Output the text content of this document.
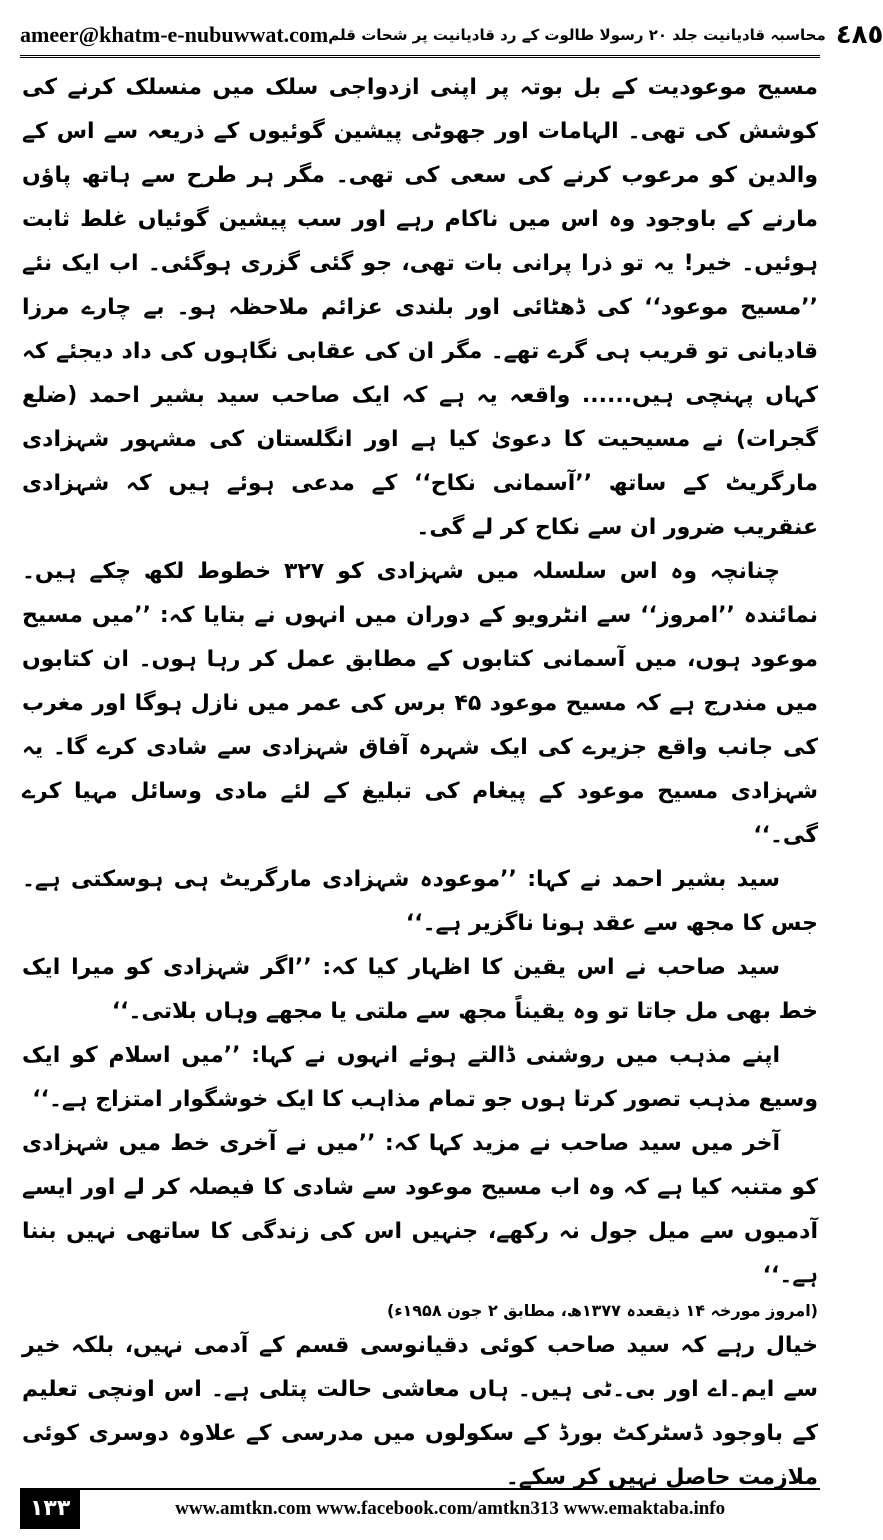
ameer@khatm-e-nubuwwat.com	٤٨٥
محاسبہ قادیانیت جلد ۲۰ رسولا طالوت کے رد قادیانیت پر شحات قلم

مسیح موعودیت کے بل بوتہ پر اپنی ازدواجی سلک میں منسلک کرنے کی کوشش کی تھی۔ الہامات اور جھوٹی پیشین گوئیوں کے ذریعہ سے اس کے والدین کو مرعوب کرنے کی سعی کی تھی۔ مگر ہر طرح سے ہاتھ پاؤں مارنے کے باوجود وہ اس میں ناکام رہے اور سب پیشین گوئیاں غلط ثابت ہوئیں۔ خیر! یہ تو ذرا پرانی بات تھی، جو گئی گزری ہوگئی۔ اب ایک نئے ’’مسیح موعود‘‘ کی ڈھٹائی اور بلندی عزائم ملاحظہ ہو۔ بے چارے مرزا قادیانی تو قریب ہی گرے تھے۔ مگر ان کی عقابی نگاہوں کی داد دیجئے کہ کہاں پہنچی ہیں...... واقعہ یہ ہے کہ ایک صاحب سید بشیر احمد (ضلع گجرات) نے مسیحیت کا دعویٰ کیا ہے اور انگلستان کی مشہور شہزادی مارگریٹ کے ساتھ ’’آسمانی نکاح‘‘ کے مدعی ہوئے ہیں کہ شہزادی عنقریب ضرور ان سے نکاح کر لے گی۔

چنانچہ وہ اس سلسلہ میں شہزادی کو ۳۲۷ خطوط لکھ چکے ہیں۔ نمائندہ ’’امروز‘‘ سے انٹرویو کے دوران میں انہوں نے بتایا کہ: ’’میں مسیح موعود ہوں، میں آسمانی کتابوں کے مطابق عمل کر رہا ہوں۔ ان کتابوں میں مندرج ہے کہ مسیح موعود ۴۵ برس کی عمر میں نازل ہوگا اور مغرب کی جانب واقع جزیرے کی ایک شہرہ آفاق شہزادی سے شادی کرے گا۔ یہ شہزادی مسیح موعود کے پیغام کی تبلیغ کے لئے مادی وسائل مہیا کرے گی۔‘‘

سید بشیر احمد نے کہا: ’’موعودہ شہزادی مارگریٹ ہی ہوسکتی ہے۔ جس کا مجھ سے عقد ہونا ناگزیر ہے۔‘‘

سید صاحب نے اس یقین کا اظہار کیا کہ: ’’اگر شہزادی کو میرا ایک خط بھی مل جاتا تو وہ یقیناً مجھ سے ملتی یا مجھے وہاں بلاتی۔‘‘

اپنے مذہب میں روشنی ڈالتے ہوئے انہوں نے کہا: ’’میں اسلام کو ایک وسیع مذہب تصور کرتا ہوں جو تمام مذاہب کا ایک خوشگوار امتزاج ہے۔‘‘

آخر میں سید صاحب نے مزید کہا کہ: ’’میں نے آخری خط میں شہزادی کو متنبہ کیا ہے کہ وہ اب مسیح موعود سے شادی کا فیصلہ کر لے اور ایسے آدمیوں سے میل جول نہ رکھے، جنہیں اس کی زندگی کا ساتھی نہیں بننا ہے۔‘‘

(امروز مورخہ ۱۴ ذیقعدہ ۱۳۷۷ھ، مطابق ۲ جون ۱۹۵۸ء)

خیال رہے کہ سید صاحب کوئی دقیانوسی قسم کے آدمی نہیں، بلکہ خیر سے ایم۔اے اور بی۔ٹی ہیں۔ ہاں معاشی حالت پتلی ہے۔ اس اونچی تعلیم کے باوجود ڈسٹرکٹ بورڈ کے سکولوں میں مدرسی کے علاوہ دوسری کوئی ملازمت حاصل نہیں کر سکے۔

١٣٣	www.amtkn.com www.facebook.com/amtkn313 www.emaktaba.info
